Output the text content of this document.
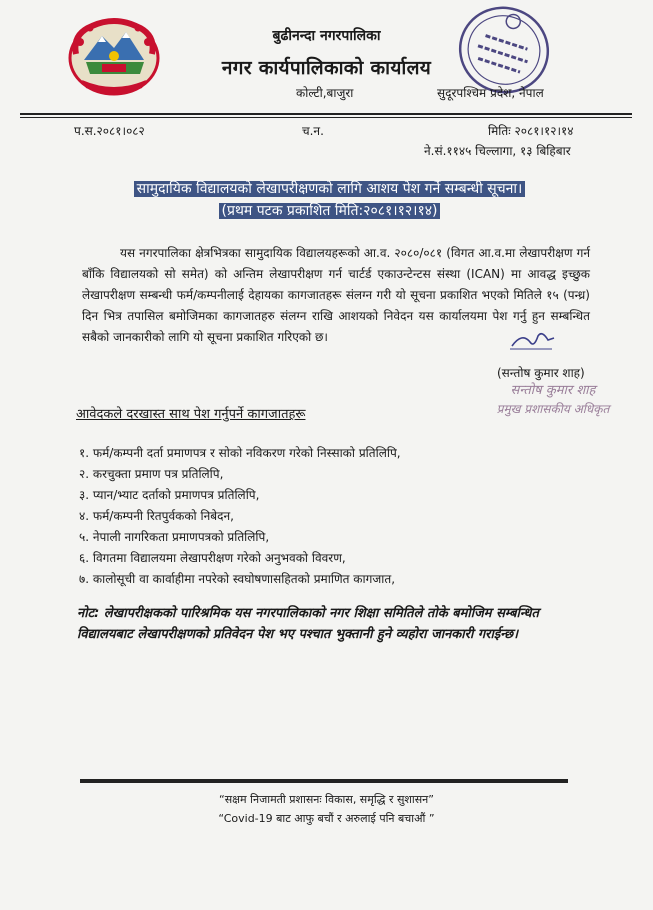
बुढीनन्दा नगरपालिका
नगर कार्यपालिकाको कार्यालय
कोल्टी,बाजुरा	सुदूरपश्चिम प्रदेश, नेपाल
प.स.२०८१।०८२	च.न.	मितिः २०८१।१२।१४
ने.सं.११४५ चिल्लागा, १३ बिहिबार
सामुदायिक विद्यालयको लेखापरीक्षणको लागि आशय पेश गर्ने सम्बन्धी सूचना।
(प्रथम पटक प्रकाशित मिति:२०८१।१२।१४)
यस नगरपालिका क्षेत्रभित्रका सामुदायिक विद्यालयहरूको आ.व. २०८०/०८१ (विगत आ.व.मा लेखापरीक्षण गर्न बाँकि विद्यालयको सो समेत) को अन्तिम लेखापरीक्षण गर्न चार्टर्ड एकाउन्टेन्टस संस्था (ICAN) मा आवद्ध इच्छुक लेखापरीक्षण सम्बन्धी फर्म/कम्पनीलाई देहायका कागजातहरू संलग्न गरी यो सूचना प्रकाशित भएको मितिले १५ (पन्ध्र) दिन भित्र तपासिल बमोजिमका कागजातहरु संलग्न राखि आशयको निवेदन यस कार्यालयमा पेश गर्नु हुन सम्बन्धित सबैको जानकारीको लागि यो सूचना प्रकाशित गरिएको छ।
(सन्तोष कुमार शाह)
सन्तोष कुमार शाह
प्रमुख प्रशासकीय अधिकृत
आवेदकले दरखास्त साथ पेश गर्नुपर्ने कागजातहरू
१. फर्म/कम्पनी दर्ता प्रमाणपत्र र सोको नविकरण गरेको निस्साको प्रतिलिपि,
२. करचुक्ता प्रमाण पत्र प्रतिलिपि,
३. प्यान/भ्याट दर्ताको प्रमाणपत्र प्रतिलिपि,
४. फर्म/कम्पनी रितपुर्वकको निबेदन,
५. नेपाली नागरिकता प्रमाणपत्रको प्रतिलिपि,
६. विगतमा विद्यालयमा लेखापरीक्षण गरेको अनुभवको विवरण,
७. कालोसूची वा कार्वाहीमा नपरेको स्वघोषणासहितको प्रमाणित कागजात,
नोट: लेखापरीक्षकको पारिश्रमिक यस नगरपालिकाको नगर शिक्षा समितिले तोके बमोजिम सम्बन्धित विद्यालयबाट लेखापरीक्षणको प्रतिवेदन पेश भए पश्चात भुक्तानी हुने व्यहोरा जानकारी गराईन्छ।
“सक्षम निजामती प्रशासनः विकास, समृद्धि र सुशासन”
“Covid-19 बाट आफु बचौं र अरुलाई पनि बचाऔं ”
